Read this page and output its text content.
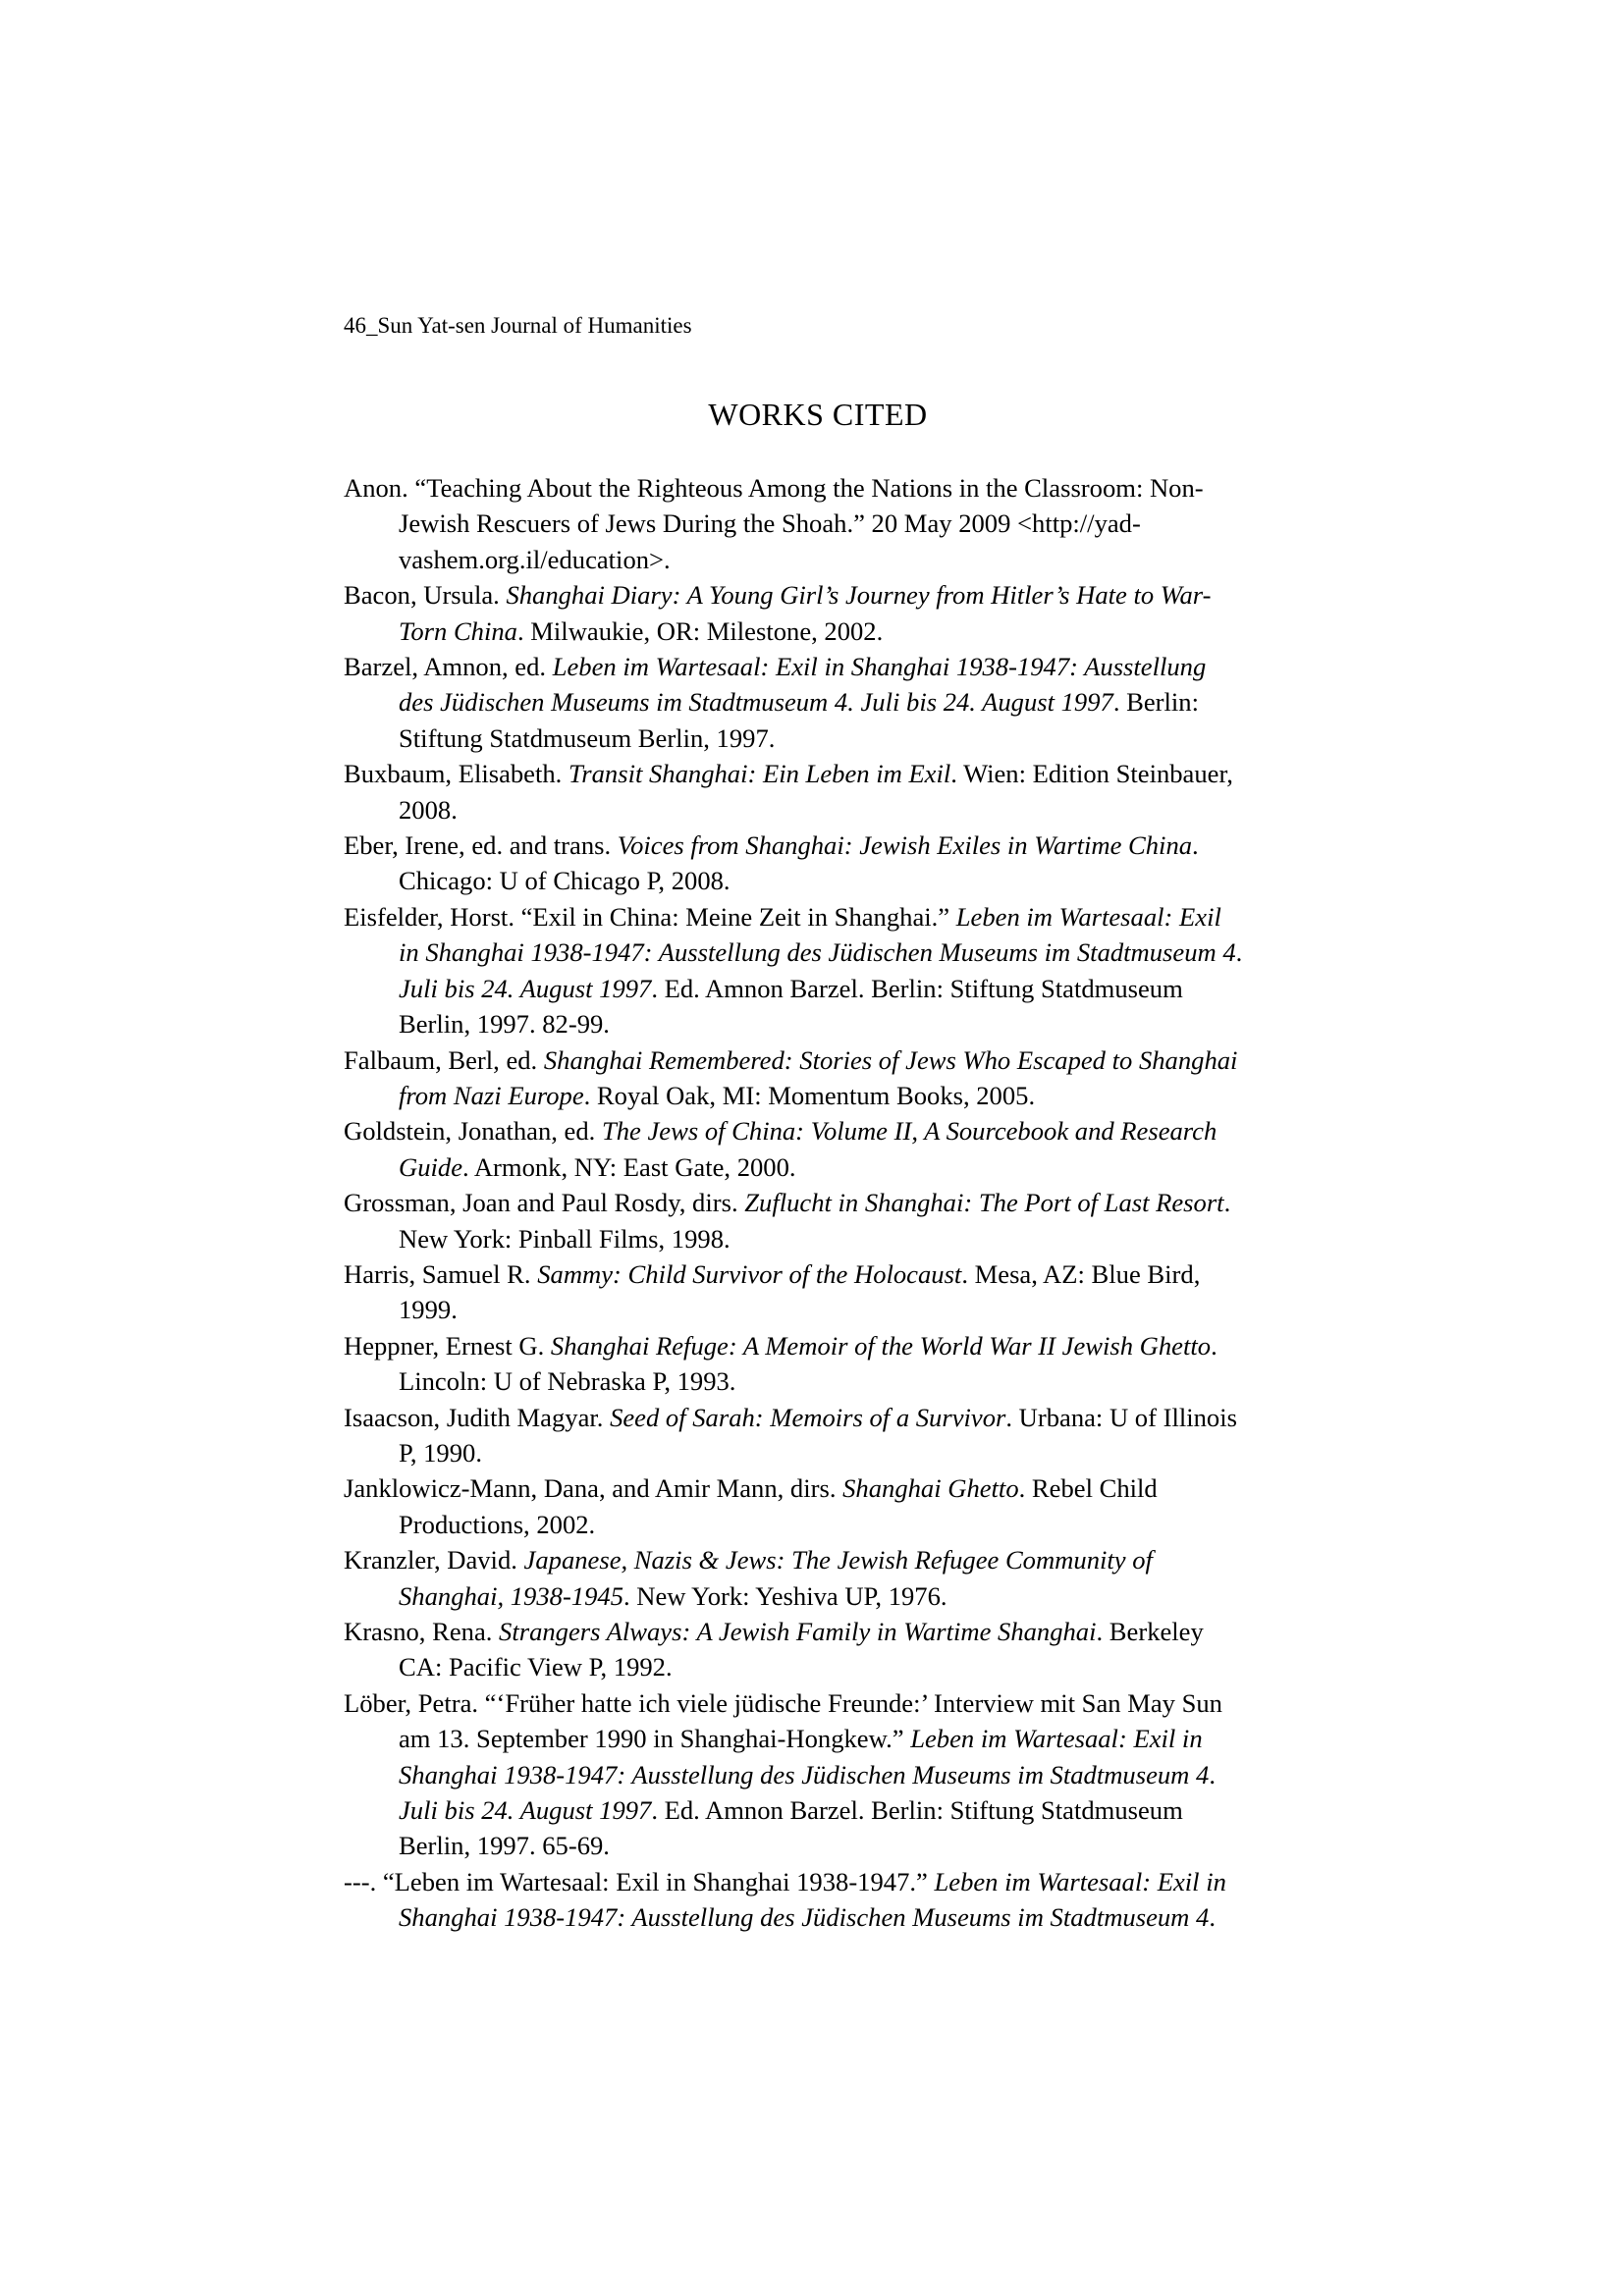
46_Sun Yat-sen Journal of Humanities
WORKS CITED
Anon. “Teaching About the Righteous Among the Nations in the Classroom: Non-
Jewish Rescuers of Jews During the Shoah.” 20 May 2009 <http://yad-
vashem.org.il/education>.
Bacon, Ursula. Shanghai Diary: A Young Girl’s Journey from Hitler’s Hate to War-
Torn China. Milwaukie, OR: Milestone, 2002.
Barzel, Amnon, ed. Leben im Wartesaal: Exil in Shanghai 1938-1947: Ausstellung
des Jüdischen Museums im Stadtmuseum 4. Juli bis 24. August 1997. Berlin:
Stiftung Statdmuseum Berlin, 1997.
Buxbaum, Elisabeth. Transit Shanghai: Ein Leben im Exil. Wien: Edition Steinbauer,
2008.
Eber, Irene, ed. and trans. Voices from Shanghai: Jewish Exiles in Wartime China.
Chicago: U of Chicago P, 2008.
Eisfelder, Horst. “Exil in China: Meine Zeit in Shanghai.” Leben im Wartesaal: Exil
in Shanghai 1938-1947: Ausstellung des Jüdischen Museums im Stadtmuseum 4.
Juli bis 24. August 1997. Ed. Amnon Barzel. Berlin: Stiftung Statdmuseum
Berlin, 1997. 82-99.
Falbaum, Berl, ed. Shanghai Remembered: Stories of Jews Who Escaped to Shanghai
from Nazi Europe. Royal Oak, MI: Momentum Books, 2005.
Goldstein, Jonathan, ed. The Jews of China: Volume II, A Sourcebook and Research
Guide. Armonk, NY: East Gate, 2000.
Grossman, Joan and Paul Rosdy, dirs. Zuflucht in Shanghai: The Port of Last Resort.
New York: Pinball Films, 1998.
Harris, Samuel R. Sammy: Child Survivor of the Holocaust. Mesa, AZ: Blue Bird,
1999.
Heppner, Ernest G. Shanghai Refuge: A Memoir of the World War II Jewish Ghetto.
Lincoln: U of Nebraska P, 1993.
Isaacson, Judith Magyar. Seed of Sarah: Memoirs of a Survivor. Urbana: U of Illinois
P, 1990.
Janklowicz-Mann, Dana, and Amir Mann, dirs. Shanghai Ghetto. Rebel Child
Productions, 2002.
Kranzler, David. Japanese, Nazis & Jews: The Jewish Refugee Community of
Shanghai, 1938-1945. New York: Yeshiva UP, 1976.
Krasno, Rena. Strangers Always: A Jewish Family in Wartime Shanghai. Berkeley
CA: Pacific View P, 1992.
Löber, Petra. “‘Früher hatte ich viele jüdische Freunde:’ Interview mit San May Sun
am 13. September 1990 in Shanghai-Hongkew.” Leben im Wartesaal: Exil in
Shanghai 1938-1947: Ausstellung des Jüdischen Museums im Stadtmuseum 4.
Juli bis 24. August 1997. Ed. Amnon Barzel. Berlin: Stiftung Statdmuseum
Berlin, 1997. 65-69.
---. “Leben im Wartesaal: Exil in Shanghai 1938-1947.” Leben im Wartesaal: Exil in
Shanghai 1938-1947: Ausstellung des Jüdischen Museums im Stadtmuseum 4.
